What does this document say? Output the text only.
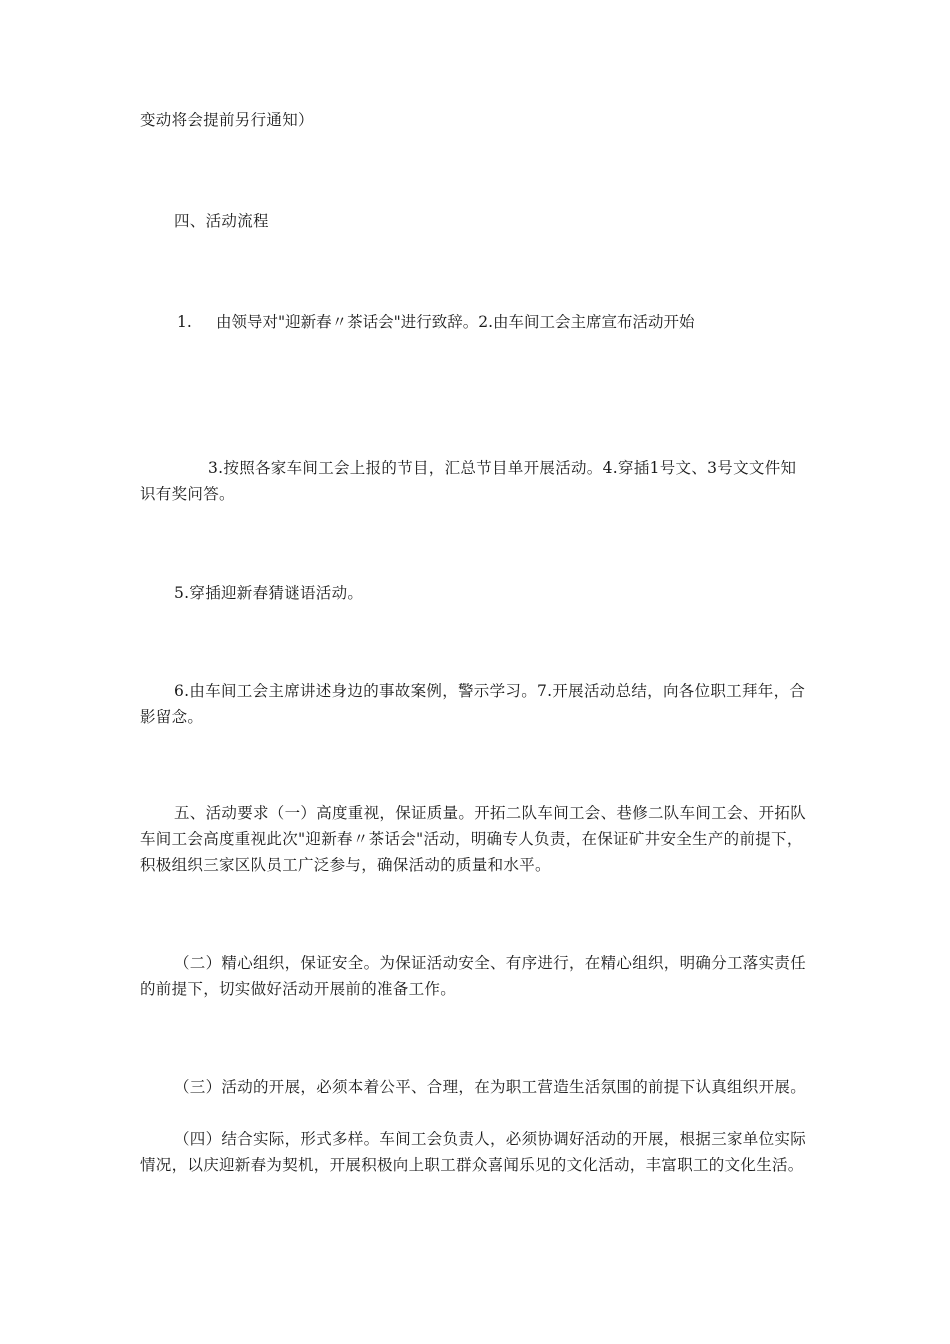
变动将会提前另行通知）

四、活动流程

1. 由领导对"迎新春〃茶话会"进行致辞。2.由车间工会主席宣布活动开始

3.按照各家车间工会上报的节目，汇总节目单开展活动。4.穿插1号文、3号文文件知识有奖问答。

5.穿插迎新春猜谜语活动。

6.由车间工会主席讲述身边的事故案例，警示学习。7.开展活动总结，向各位职工拜年，合影留念。

五、活动要求（一）高度重视，保证质量。开拓二队车间工会、巷修二队车间工会、开拓队车间工会高度重视此次"迎新春〃茶话会"活动，明确专人负责，在保证矿井安全生产的前提下，积极组织三家区队员工广泛参与，确保活动的质量和水平。

（二）精心组织，保证安全。为保证活动安全、有序进行，在精心组织，明确分工落实责任的前提下，切实做好活动开展前的准备工作。

（三）活动的开展，必须本着公平、合理，在为职工营造生活氛围的前提下认真组织开展。

（四）结合实际，形式多样。车间工会负责人，必须协调好活动的开展，根据三家单位实际情况，以庆迎新春为契机，开展积极向上职工群众喜闻乐见的文化活动，丰富职工的文化生活。
